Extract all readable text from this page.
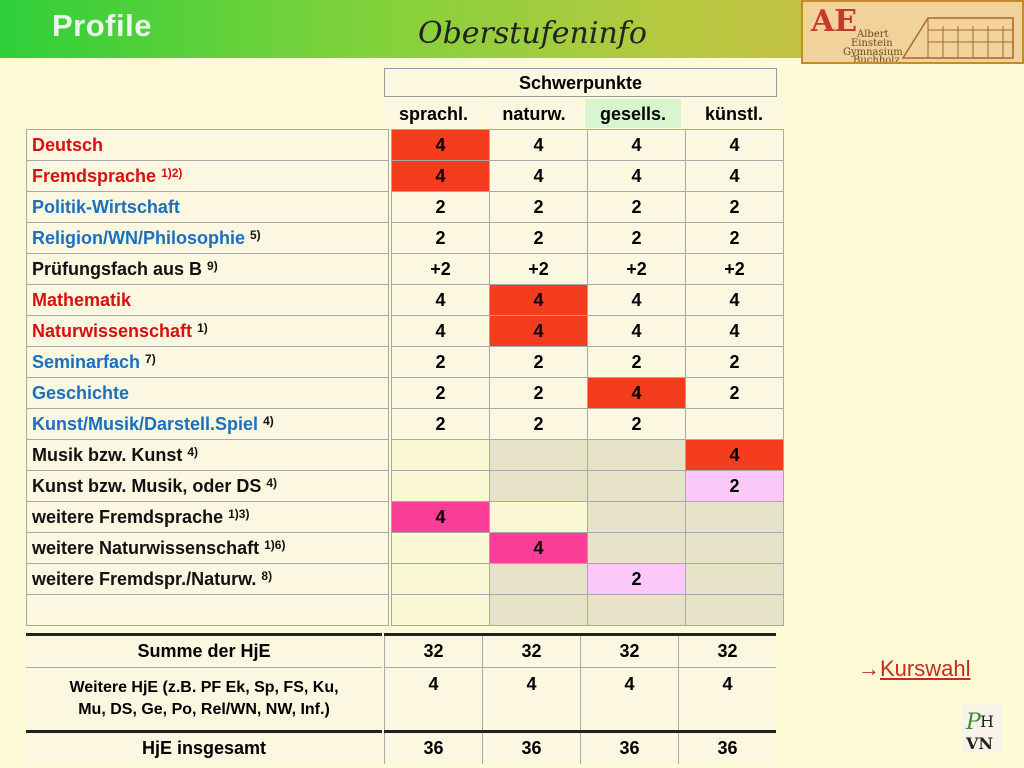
Profile	Oberstufeninfo	AE Albert
Einstein
Gymnasium
Buchholz
Schwerpunkte
sprachl.	naturw.	gesells.	künstl.
Deutsch		4	4	4	4
Fremdsprache $^{1)2)}$		4	4	4	4
Politik-Wirtschaft		2	2	2	2
Religion/WN/Philosophie $^{5)}$		2	2	2	2
Prüfungsfach aus B $^{9)}$		+2	+2	+2	+2
Mathematik		4	4	4	4
Naturwissenschaft $^{1)}$		4	4	4	4
Seminarfach $^{7)}$		2	2	2	2
Geschichte		2	2	4	2
Kunst/Musik/Darstell.Spiel $^{4)}$		2	2	2	
Musik bzw. Kunst $^{4)}$					4
Kunst bzw. Musik, oder DS $^{4)}$					2
weitere Fremdsprache $^{1)3)}$		4			
weitere Naturwissenschaft $^{1)6)}$			4		
weitere Fremdspr./Naturw. $^{8)}$				2	

Summe der HjE		32	32	32	32

Weitere HjE (z.B. PF Ek, Sp, FS, Ku,
Mu, DS, Ge, Po, Rel/WN, NW, Inf.)		4	4	4	4
HjE insgesamt		36	36	36	36
→Kurswahl
P H
VN
